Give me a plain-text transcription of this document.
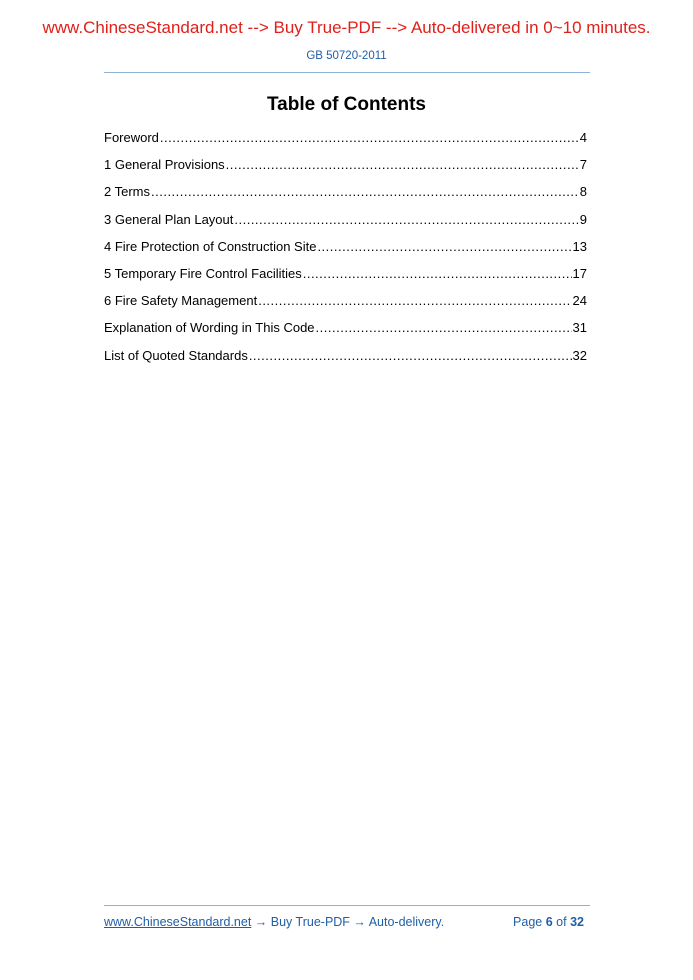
www.ChineseStandard.net --> Buy True-PDF --> Auto-delivered in 0~10 minutes.
GB 50720-2011
Table of Contents
Foreword .....	4
1 General Provisions .....	7
2 Terms .....	8
3 General Plan Layout .....	9
4 Fire Protection of Construction Site .....	13
5 Temporary Fire Control Facilities .....	17
6 Fire Safety Management .....	24
Explanation of Wording in This Code .....	31
List of Quoted Standards .....	32
www.ChineseStandard.net → Buy True-PDF → Auto-delivery.	Page 6 of 32
